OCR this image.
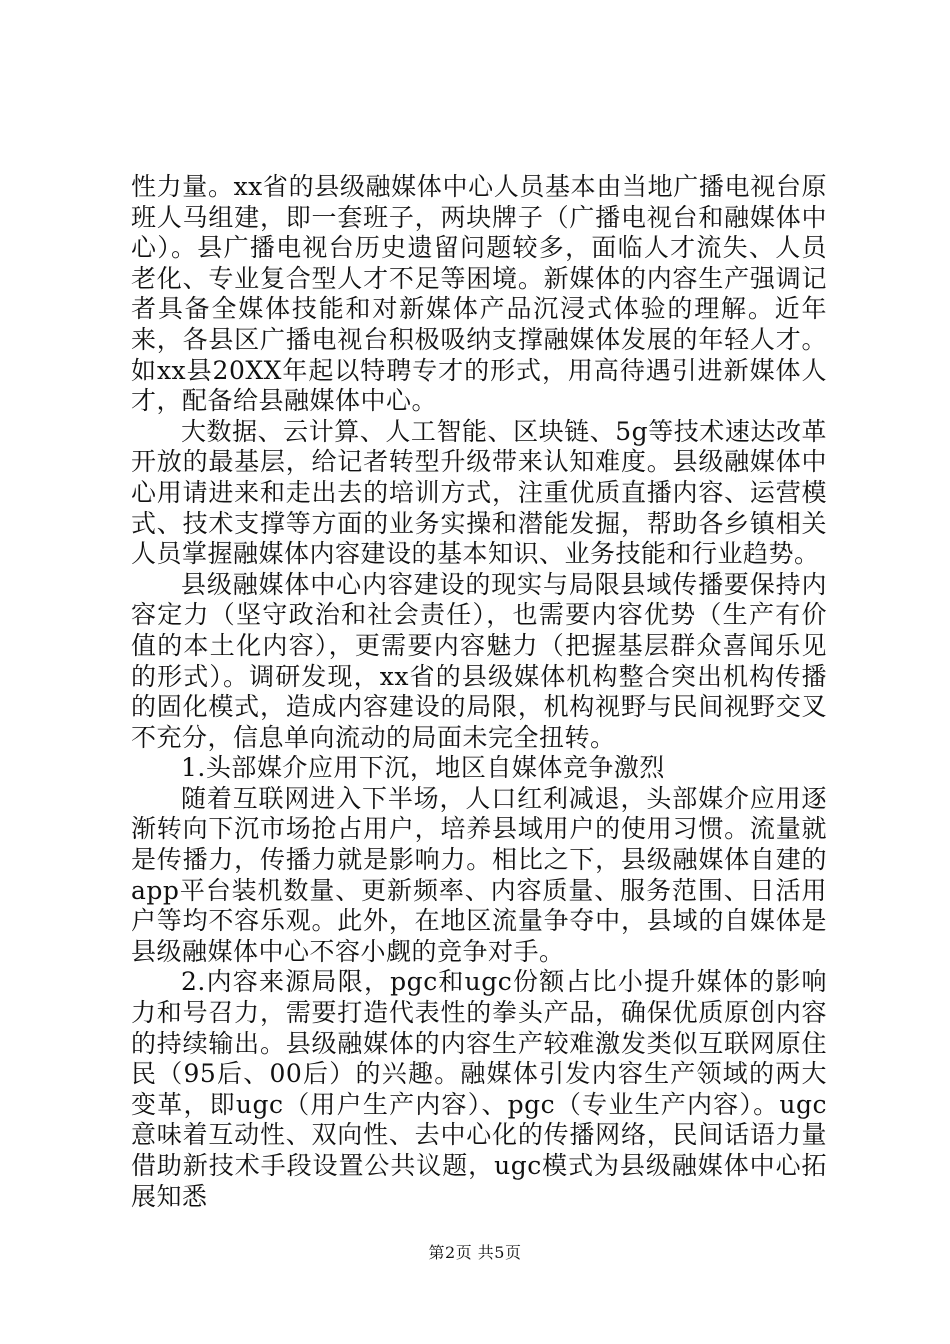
性力量。xx省的县级融媒体中心人员基本由当地广播电视台原班人马组建，即一套班子，两块牌子（广播电视台和融媒体中心）。县广播电视台历史遗留问题较多，面临人才流失、人员老化、专业复合型人才不足等困境。新媒体的内容生产强调记者具备全媒体技能和对新媒体产品沉浸式体验的理解。近年来，各县区广播电视台积极吸纳支撑融媒体发展的年轻人才。如xx县20XX年起以特聘专才的形式，用高待遇引进新媒体人才，配备给县融媒体中心。

大数据、云计算、人工智能、区块链、5g等技术速达改革开放的最基层，给记者转型升级带来认知难度。县级融媒体中心用请进来和走出去的培训方式，注重优质直播内容、运营模式、技术支撑等方面的业务实操和潜能发掘，帮助各乡镇相关人员掌握融媒体内容建设的基本知识、业务技能和行业趋势。

县级融媒体中心内容建设的现实与局限县域传播要保持内容定力（坚守政治和社会责任），也需要内容优势（生产有价值的本土化内容），更需要内容魅力（把握基层群众喜闻乐见的形式）。调研发现，xx省的县级媒体机构整合突出机构传播的固化模式，造成内容建设的局限，机构视野与民间视野交叉不充分，信息单向流动的局面未完全扭转。

1.头部媒介应用下沉，地区自媒体竞争激烈

随着互联网进入下半场，人口红利减退，头部媒介应用逐渐转向下沉市场抢占用户，培养县域用户的使用习惯。流量就是传播力，传播力就是影响力。相比之下，县级融媒体自建的app平台装机数量、更新频率、内容质量、服务范围、日活用户等均不容乐观。此外，在地区流量争夺中，县域的自媒体是县级融媒体中心不容小觑的竞争对手。

2.内容来源局限，pgc和ugc份额占比小提升媒体的影响力和号召力，需要打造代表性的拳头产品，确保优质原创内容的持续输出。县级融媒体的内容生产较难激发类似互联网原住民（95后、00后）的兴趣。融媒体引发内容生产领域的两大变革，即ugc（用户生产内容）、pgc（专业生产内容）。ugc意味着互动性、双向性、去中心化的传播网络，民间话语力量借助新技术手段设置公共议题，ugc模式为县级融媒体中心拓展知悉

第2页 共5页
